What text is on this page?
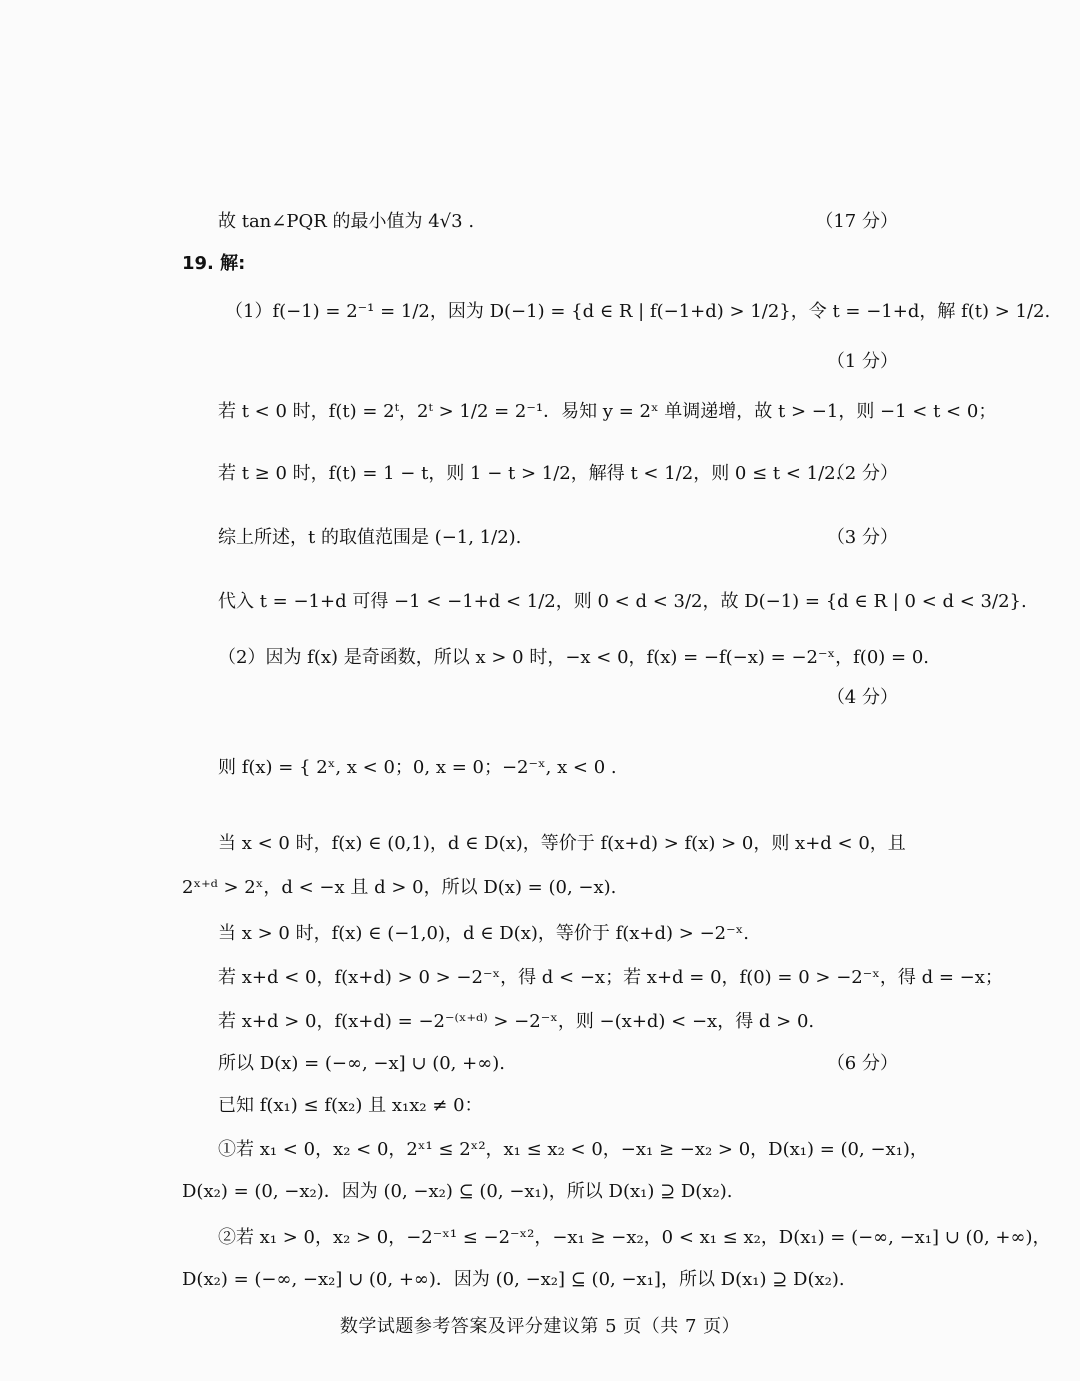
故 tan∠PQR 的最小值为 4√3 .	（17 分）
19. 解:
（1）f(−1) = 2⁻¹ = 1/2，因为 D(−1) = {d ∈ R | f(−1+d) > 1/2}，令 t = −1+d，解 f(t) > 1/2.
（1 分）
若 t < 0 时，f(t) = 2ᵗ，2ᵗ > 1/2 = 2⁻¹．易知 y = 2ˣ 单调递增，故 t > −1，则 −1 < t < 0；
若 t ≥ 0 时，f(t) = 1 − t，则 1 − t > 1/2，解得 t < 1/2，则 0 ≤ t < 1/2.
（2 分）
综上所述，t 的取值范围是 (−1, 1/2).	（3 分）
代入 t = −1+d 可得 −1 < −1+d < 1/2，则 0 < d < 3/2，故 D(−1) = {d ∈ R | 0 < d < 3/2}.
（2）因为 f(x) 是奇函数，所以 x > 0 时，−x < 0，f(x) = −f(−x) = −2⁻ˣ，f(0) = 0.
（4 分）
则 f(x) = { 2ˣ, x < 0；0, x = 0；−2⁻ˣ, x < 0 .
当 x < 0 时，f(x) ∈ (0,1)，d ∈ D(x)，等价于 f(x+d) > f(x) > 0，则 x+d < 0，且
2ˣ⁺ᵈ > 2ˣ，d < −x 且 d > 0，所以 D(x) = (0, −x).
当 x > 0 时，f(x) ∈ (−1,0)，d ∈ D(x)，等价于 f(x+d) > −2⁻ˣ.
若 x+d < 0，f(x+d) > 0 > −2⁻ˣ，得 d < −x；若 x+d = 0，f(0) = 0 > −2⁻ˣ，得 d = −x；
若 x+d > 0，f(x+d) = −2⁻⁽ˣ⁺ᵈ⁾ > −2⁻ˣ，则 −(x+d) < −x，得 d > 0.
所以 D(x) = (−∞, −x] ∪ (0, +∞).	（6 分）
已知 f(x₁) ≤ f(x₂) 且 x₁x₂ ≠ 0：
①若 x₁ < 0，x₂ < 0，2ˣ¹ ≤ 2ˣ²，x₁ ≤ x₂ < 0，−x₁ ≥ −x₂ > 0，D(x₁) = (0, −x₁)，
D(x₂) = (0, −x₂)．因为 (0, −x₂) ⊆ (0, −x₁)，所以 D(x₁) ⊇ D(x₂).
②若 x₁ > 0，x₂ > 0，−2⁻ˣ¹ ≤ −2⁻ˣ²，−x₁ ≥ −x₂，0 < x₁ ≤ x₂，D(x₁) = (−∞, −x₁] ∪ (0, +∞)，
D(x₂) = (−∞, −x₂] ∪ (0, +∞)．因为 (0, −x₂] ⊆ (0, −x₁]，所以 D(x₁) ⊇ D(x₂).
数学试题参考答案及评分建议第 5 页（共 7 页）
